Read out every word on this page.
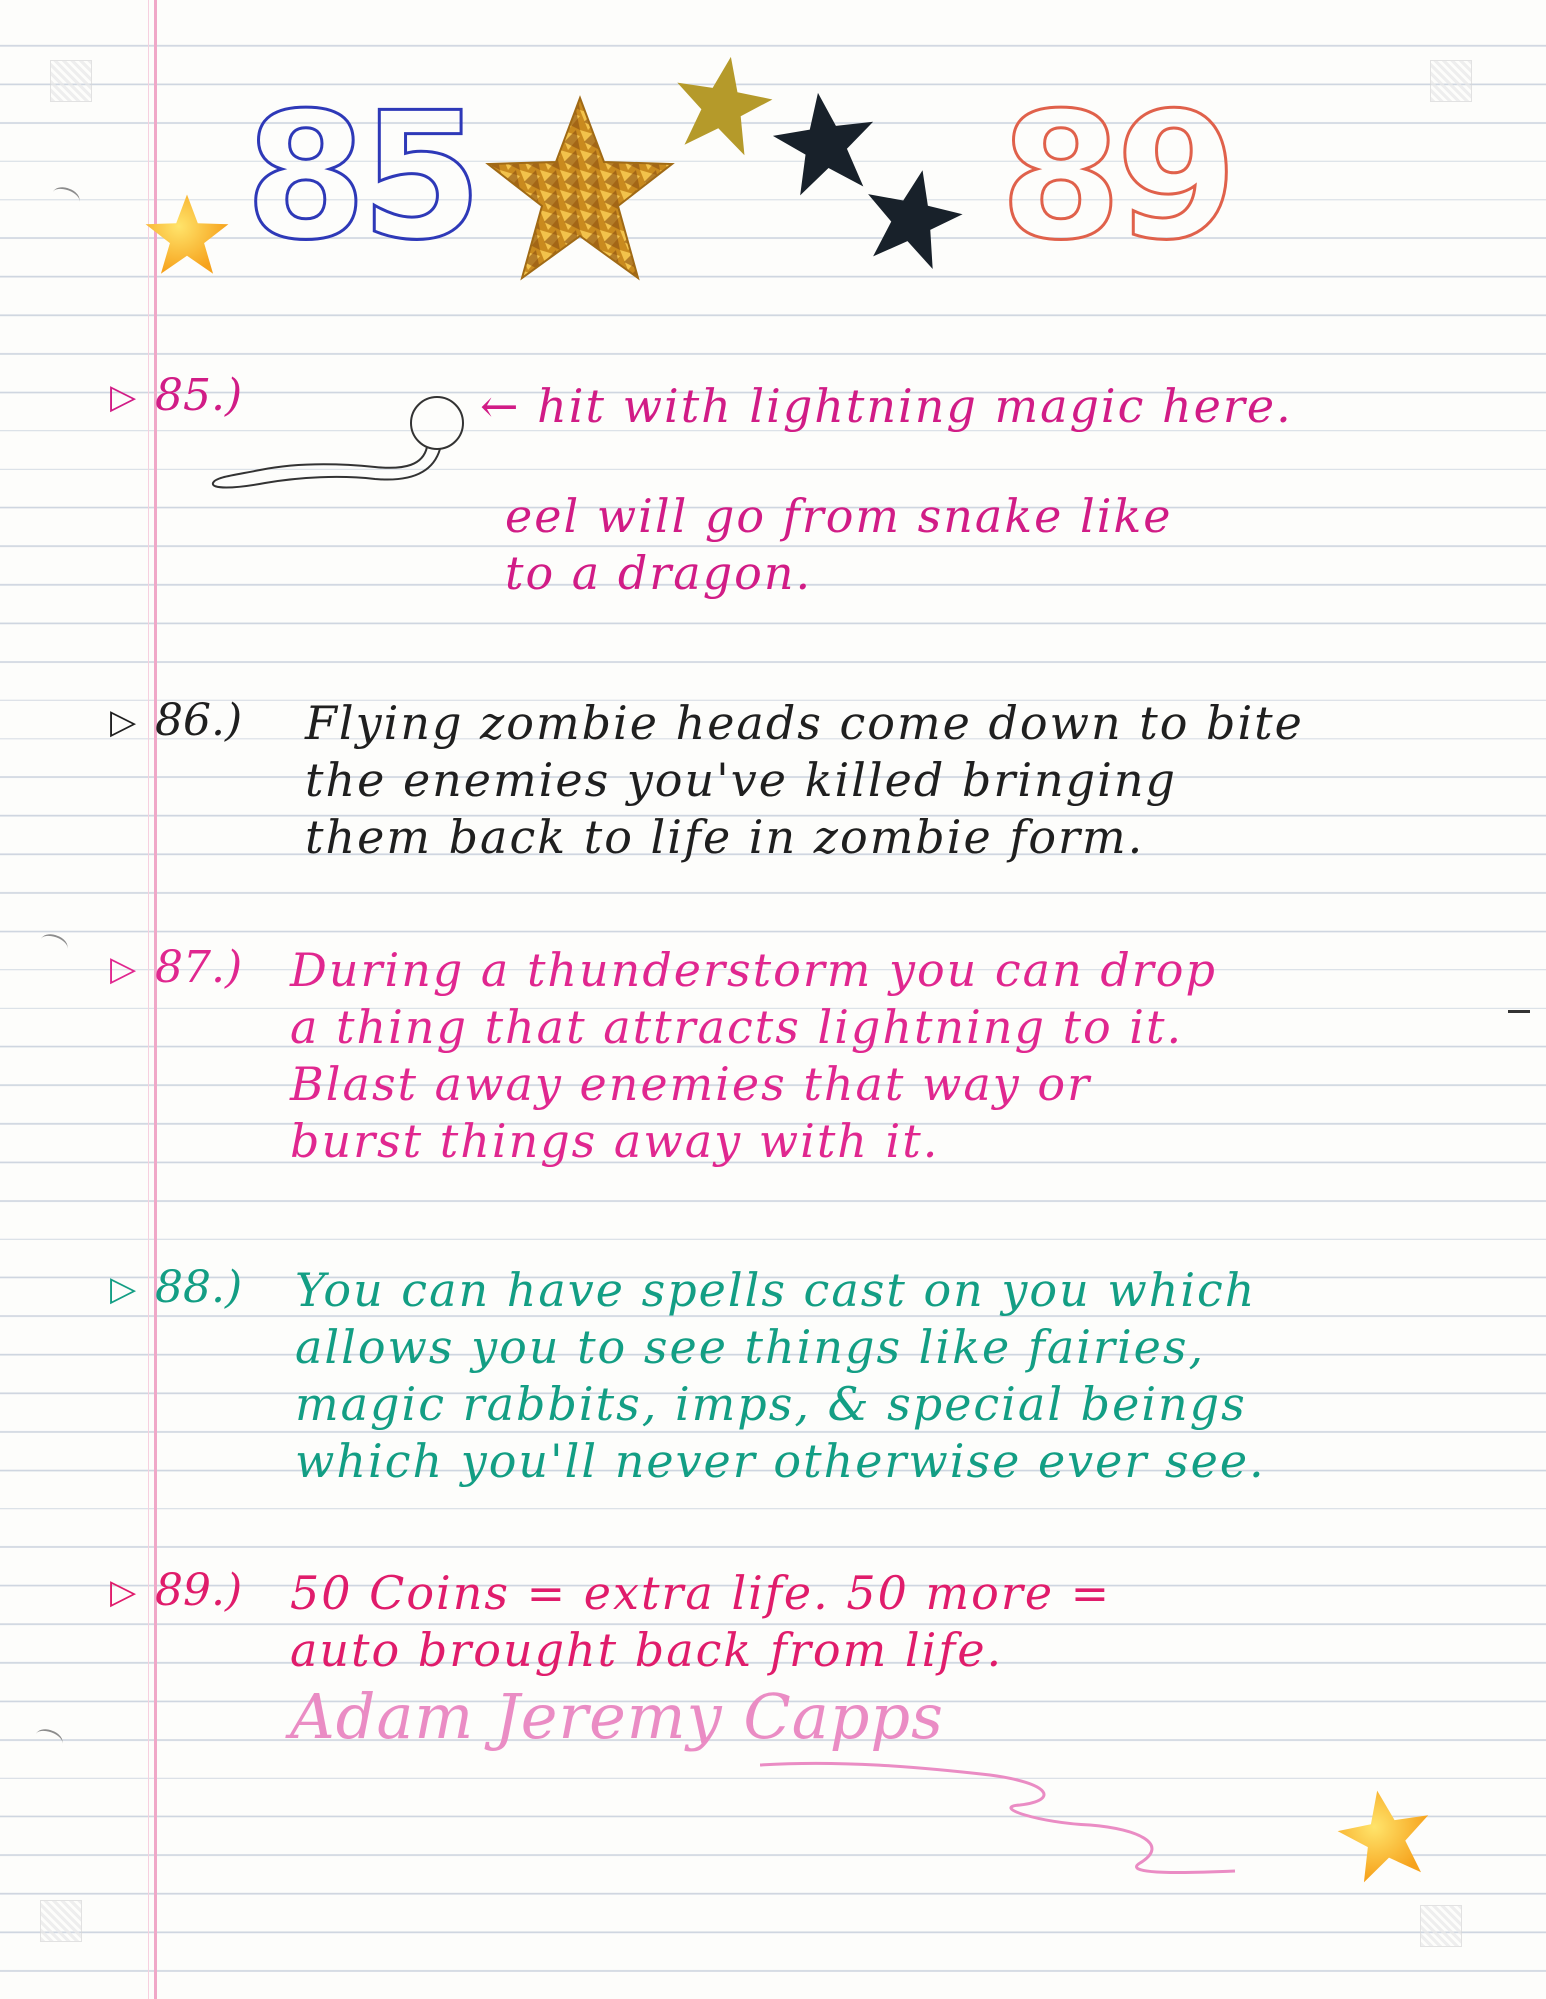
85	89
▷ 85.)	← hit with lightning magic here.
eel will go from snake like
to a dragon.
▷ 86.) Flying zombie heads come down to bite
the enemies you've killed bringing
them back to life in zombie form.
▷ 87.) During a thunderstorm you can drop
a thing that attracts lightning to it.
Blast away enemies that way or
burst things away with it.
▷ 88.) You can have spells cast on you which
allows you to see things like fairies,
magic rabbits, imps, & special beings
which you'll never otherwise ever see.
▷ 89.) 50 Coins = extra life. 50 more =
auto brought back from life.
Adam Jeremy Capps
